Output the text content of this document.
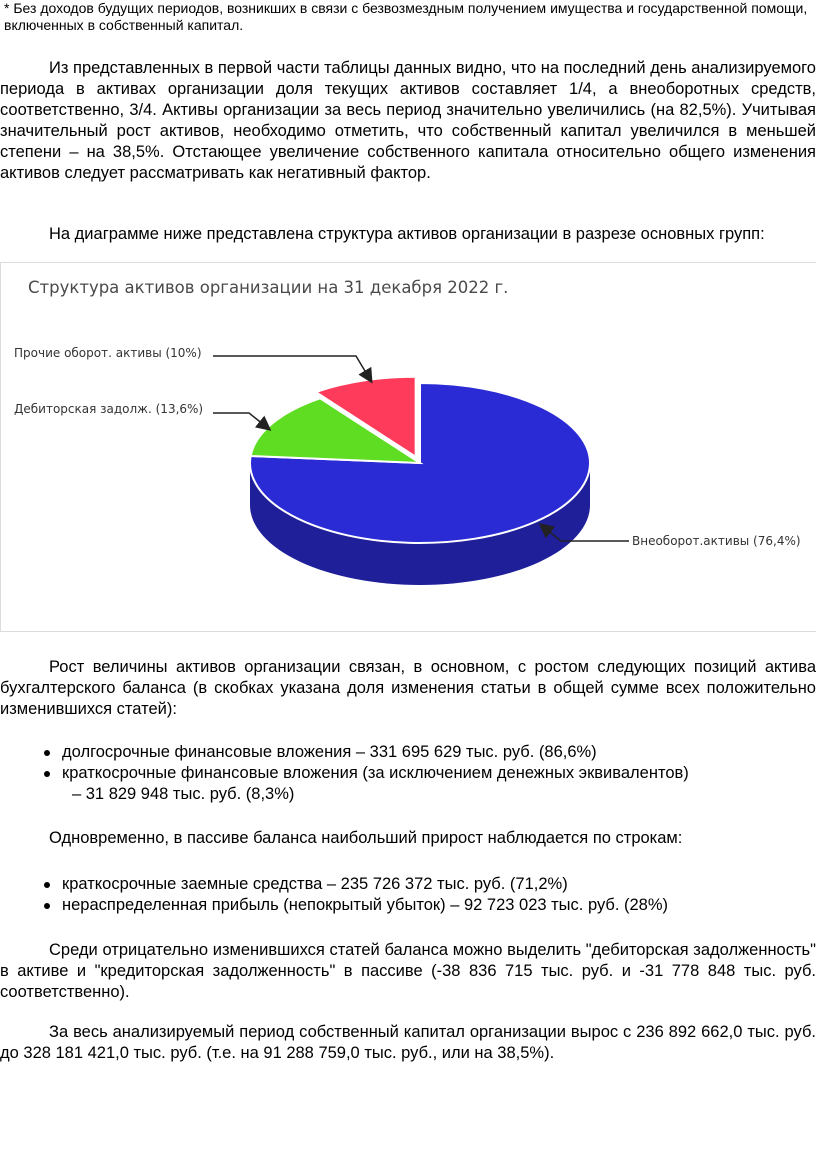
* Без доходов будущих периодов, возникших в связи с безвозмездным получением имущества и государственной помощи, включенных в собственный капитал.

Из представленных в первой части таблицы данных видно, что на последний день анализируемого периода в активах организации доля текущих активов составляет 1/4, а внеоборотных средств, соответственно, 3/4. Активы организации за весь период значительно увеличились (на 82,5%). Учитывая значительный рост активов, необходимо отметить, что собственный капитал увеличился в меньшей степени – на 38,5%. Отстающее увеличение собственного капитала относительно общего изменения активов следует рассматривать как негативный фактор.

На диаграмме ниже представлена структура активов организации в разрезе основных групп:

Структура активов организации на 31 декабря 2022 г.

Прочие оборот. активы (10%)

Дебиторская задолж. (13,6%)

Внеоборот.активы (76,4%)

Рост величины активов организации связан, в основном, с ростом следующих позиций актива бухгалтерского баланса (в скобках указана доля изменения статьи в общей сумме всех положительно изменившихся статей):

долгосрочные финансовые вложения – 331 695 629 тыс. руб. (86,6%)
краткосрочные финансовые вложения (за исключением денежных эквивалентов)
– 31 829 948 тыс. руб. (8,3%)

Одновременно, в пассиве баланса наибольший прирост наблюдается по строкам:

краткосрочные заемные средства – 235 726 372 тыс. руб. (71,2%)
нераспределенная прибыль (непокрытый убыток) – 92 723 023 тыс. руб. (28%)

Среди отрицательно изменившихся статей баланса можно выделить "дебиторская задолженность" в активе и "кредиторская задолженность" в пассиве (-38 836 715 тыс. руб. и -31 778 848 тыс. руб. соответственно).

За весь анализируемый период собственный капитал организации вырос с 236 892 662,0 тыс. руб. до 328 181 421,0 тыс. руб. (т.е. на 91 288 759,0 тыс. руб., или на 38,5%).
